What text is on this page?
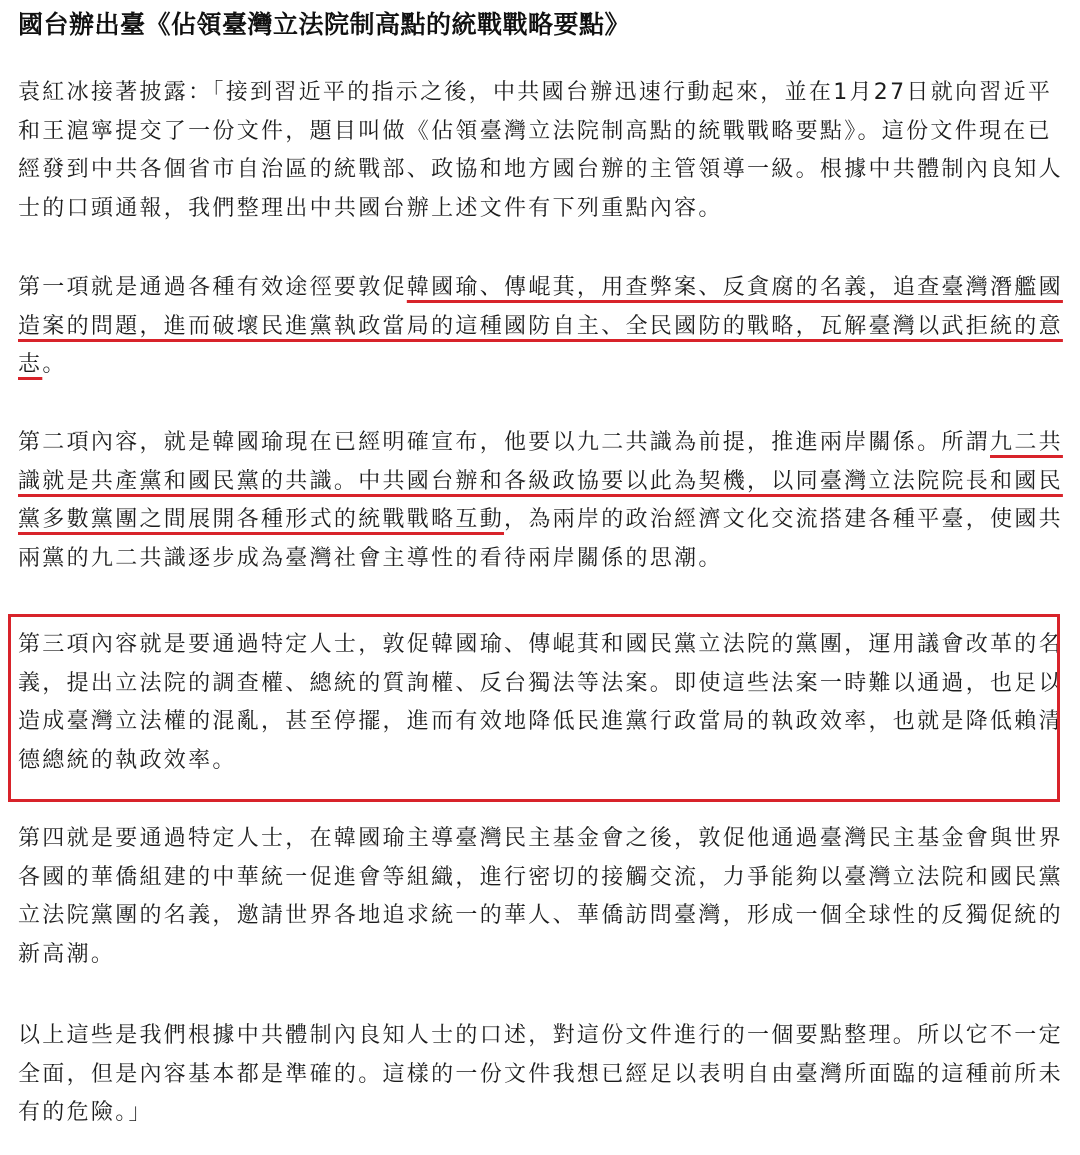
國台辦出臺《佔領臺灣立法院制高點的統戰戰略要點》
袁紅冰接著披露：「接到習近平的指示之後，中共國台辦迅速行動起來，並在1月27日就向習近平
和王滬寧提交了一份文件，題目叫做《佔領臺灣立法院制高點的統戰戰略要點》。這份文件現在已
經發到中共各個省市自治區的統戰部、政協和地方國台辦的主管領導一級。根據中共體制內良知人
士的口頭通報，我們整理出中共國台辦上述文件有下列重點內容。
第一項就是通過各種有效途徑要敦促韓國瑜、傳崐萁，用查弊案、反貪腐的名義，追查臺灣潛艦國
造案的問題，進而破壞民進黨執政當局的這種國防自主、全民國防的戰略，瓦解臺灣以武拒統的意
志。
第二項內容，就是韓國瑜現在已經明確宣布，他要以九二共識為前提，推進兩岸關係。所謂九二共
識就是共產黨和國民黨的共識。中共國台辦和各級政協要以此為契機，以同臺灣立法院院長和國民
黨多數黨團之間展開各種形式的統戰戰略互動，為兩岸的政治經濟文化交流搭建各種平臺，使國共
兩黨的九二共識逐步成為臺灣社會主導性的看待兩岸關係的思潮。
第三項內容就是要通過特定人士，敦促韓國瑜、傳崐萁和國民黨立法院的黨團，運用議會改革的名
義，提出立法院的調查權、總統的質詢權、反台獨法等法案。即使這些法案一時難以通過，也足以
造成臺灣立法權的混亂，甚至停擺，進而有效地降低民進黨行政當局的執政效率，也就是降低賴清
德總統的執政效率。
第四就是要通過特定人士，在韓國瑜主導臺灣民主基金會之後，敦促他通過臺灣民主基金會與世界
各國的華僑組建的中華統一促進會等組織，進行密切的接觸交流，力爭能夠以臺灣立法院和國民黨
立法院黨團的名義，邀請世界各地追求統一的華人、華僑訪問臺灣，形成一個全球性的反獨促統的
新高潮。
以上這些是我們根據中共體制內良知人士的口述，對這份文件進行的一個要點整理。所以它不一定
全面，但是內容基本都是準確的。這樣的一份文件我想已經足以表明自由臺灣所面臨的這種前所未
有的危險。」
